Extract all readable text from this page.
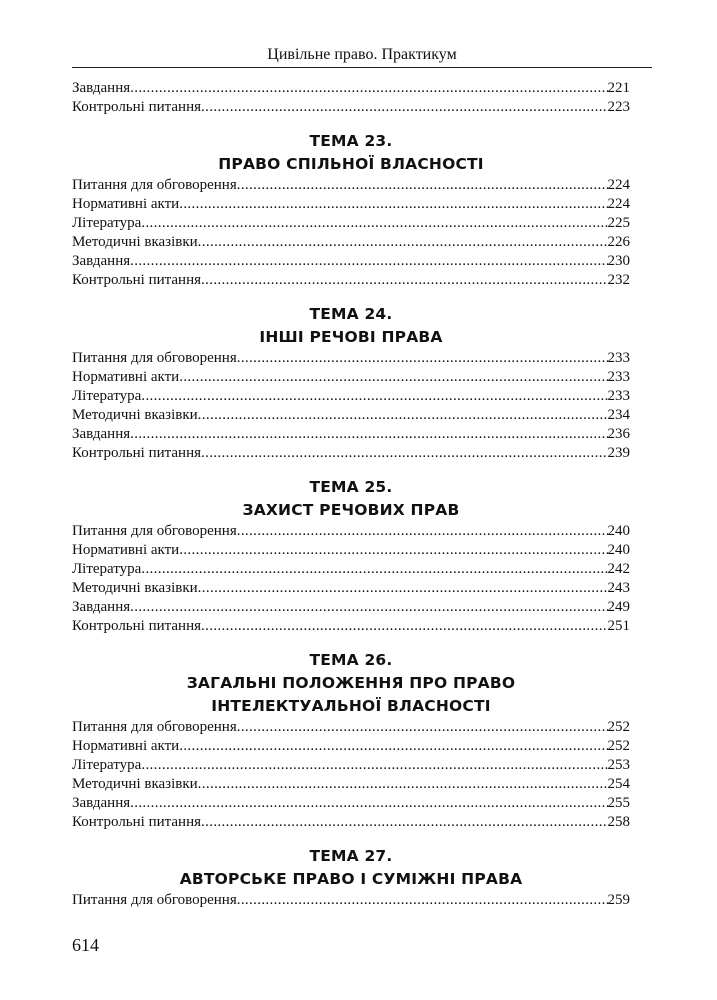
Цивільне право. Практикум
Завдання .....	221
Контрольні питання .....	223
ТЕМА 23.
ПРАВО СПІЛЬНОЇ ВЛАСНОСТІ
Питання для обговорення .....	224
Нормативні акти .....	224
Література .....	225
Методичні вказівки .....	226
Завдання .....	230
Контрольні питання .....	232
ТЕМА 24.
ІНШІ РЕЧОВІ ПРАВА
Питання для обговорення .....	233
Нормативні акти .....	233
Література .....	233
Методичні вказівки .....	234
Завдання .....	236
Контрольні питання .....	239
ТЕМА 25.
ЗАХИСТ РЕЧОВИХ ПРАВ
Питання для обговорення .....	240
Нормативні акти .....	240
Література .....	242
Методичні вказівки .....	243
Завдання .....	249
Контрольні питання .....	251
ТЕМА 26.
ЗАГАЛЬНІ ПОЛОЖЕННЯ ПРО ПРАВО
ІНТЕЛЕКТУАЛЬНОЇ ВЛАСНОСТІ
Питання для обговорення .....	252
Нормативні акти .....	252
Література .....	253
Методичні вказівки .....	254
Завдання .....	255
Контрольні питання .....	258
ТЕМА 27.
АВТОРСЬКЕ ПРАВО І СУМІЖНІ ПРАВА
Питання для обговорення .....	259
614
